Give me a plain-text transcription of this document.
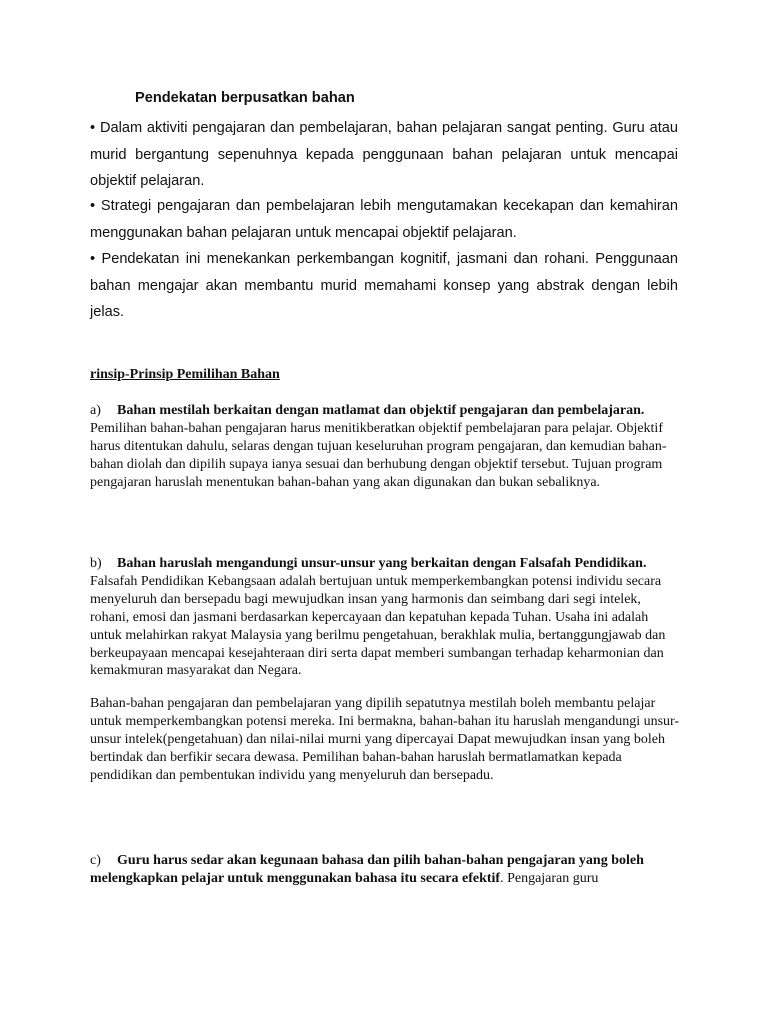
Pendekatan berpusatkan bahan
• Dalam aktiviti pengajaran dan pembelajaran, bahan pelajaran sangat penting. Guru atau murid bergantung sepenuhnya kepada penggunaan bahan pelajaran untuk mencapai objektif pelajaran.
• Strategi pengajaran dan pembelajaran lebih mengutamakan kecekapan dan kemahiran menggunakan bahan pelajaran untuk mencapai objektif pelajaran.
• Pendekatan ini menekankan perkembangan kognitif, jasmani dan rohani. Penggunaan bahan mengajar akan membantu murid memahami konsep yang abstrak dengan lebih jelas.
rinsip-Prinsip Pemilihan Bahan
a) Bahan mestilah berkaitan dengan matlamat dan objektif pengajaran dan pembelajaran. Pemilihan bahan-bahan pengajaran harus menitikberatkan objektif pembelajaran para pelajar. Objektif harus ditentukan dahulu, selaras dengan tujuan keseluruhan program pengajaran, dan kemudian bahan-bahan diolah dan dipilih supaya ianya sesuai dan berhubung dengan objektif tersebut. Tujuan program pengajaran haruslah menentukan bahan-bahan yang akan digunakan dan bukan sebaliknya.
b) Bahan haruslah mengandungi unsur-unsur yang berkaitan dengan Falsafah Pendidikan. Falsafah Pendidikan Kebangsaan adalah bertujuan untuk memperkembangkan potensi individu secara menyeluruh dan bersepadu bagi mewujudkan insan yang harmonis dan seimbang dari segi intelek, rohani, emosi dan jasmani berdasarkan kepercayaan dan kepatuhan kepada Tuhan. Usaha ini adalah untuk melahirkan rakyat Malaysia yang berilmu pengetahuan, berakhlak mulia, bertanggungjawab dan berkeupayaan mencapai kesejahteraan diri serta dapat memberi sumbangan terhadap keharmonian dan kemakmuran masyarakat dan Negara.
Bahan-bahan pengajaran dan pembelajaran yang dipilih sepatutnya mestilah boleh membantu pelajar untuk memperkembangkan potensi mereka. Ini bermakna, bahan-bahan itu haruslah mengandungi unsur-unsur intelek(pengetahuan) dan nilai-nilai murni yang dipercayai Dapat mewujudkan insan yang boleh bertindak dan berfikir secara dewasa. Pemilihan bahan-bahan haruslah bermatlamatkan kepada pendidikan dan pembentukan individu yang menyeluruh dan bersepadu.
c) Guru harus sedar akan kegunaan bahasa dan pilih bahan-bahan pengajaran yang boleh melengkapkan pelajar untuk menggunakan bahasa itu secara efektif. Pengajaran guru
